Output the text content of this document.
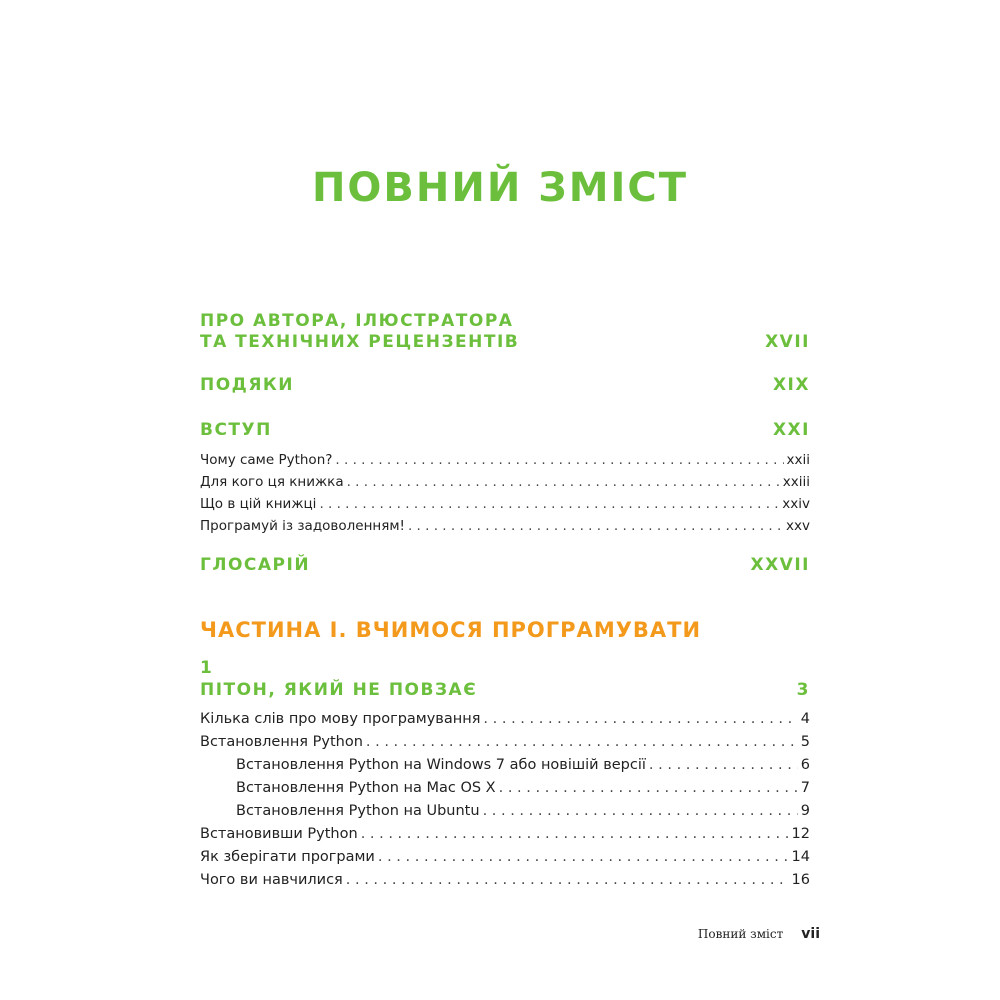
ПОВНИЙ ЗМІСТ
ПРО АВТОРА, ІЛЮСТРАТОРА
ТА ТЕХНІЧНИХ РЕЦЕНЗЕНТІВ	XVII
ПОДЯКИ	XIX
ВСТУП	XXI
Чому саме Python? . . .	xxii
Для кого ця книжка . . .	xxiii
Що в цій книжці . . .	xxiv
Програмуй із задоволенням! . . .	xxv
ГЛОСАРІЙ	XXVII
ЧАСТИНА І. ВЧИМОСЯ ПРОГРАМУВАТИ
1
ПІТОН, ЯКИЙ НЕ ПОВЗАЄ	3
Кілька слів про мову програмування . . .	4
Встановлення Python . . .	5
Встановлення Python на Windows 7 або новішій версії . . .	6
Встановлення Python на Mac OS X . . .	7
Встановлення Python на Ubuntu . . .	9
Встановивши Python . . .	12
Як зберігати програми . . .	14
Чого ви навчилися . . .	16
Повний зміст vii
